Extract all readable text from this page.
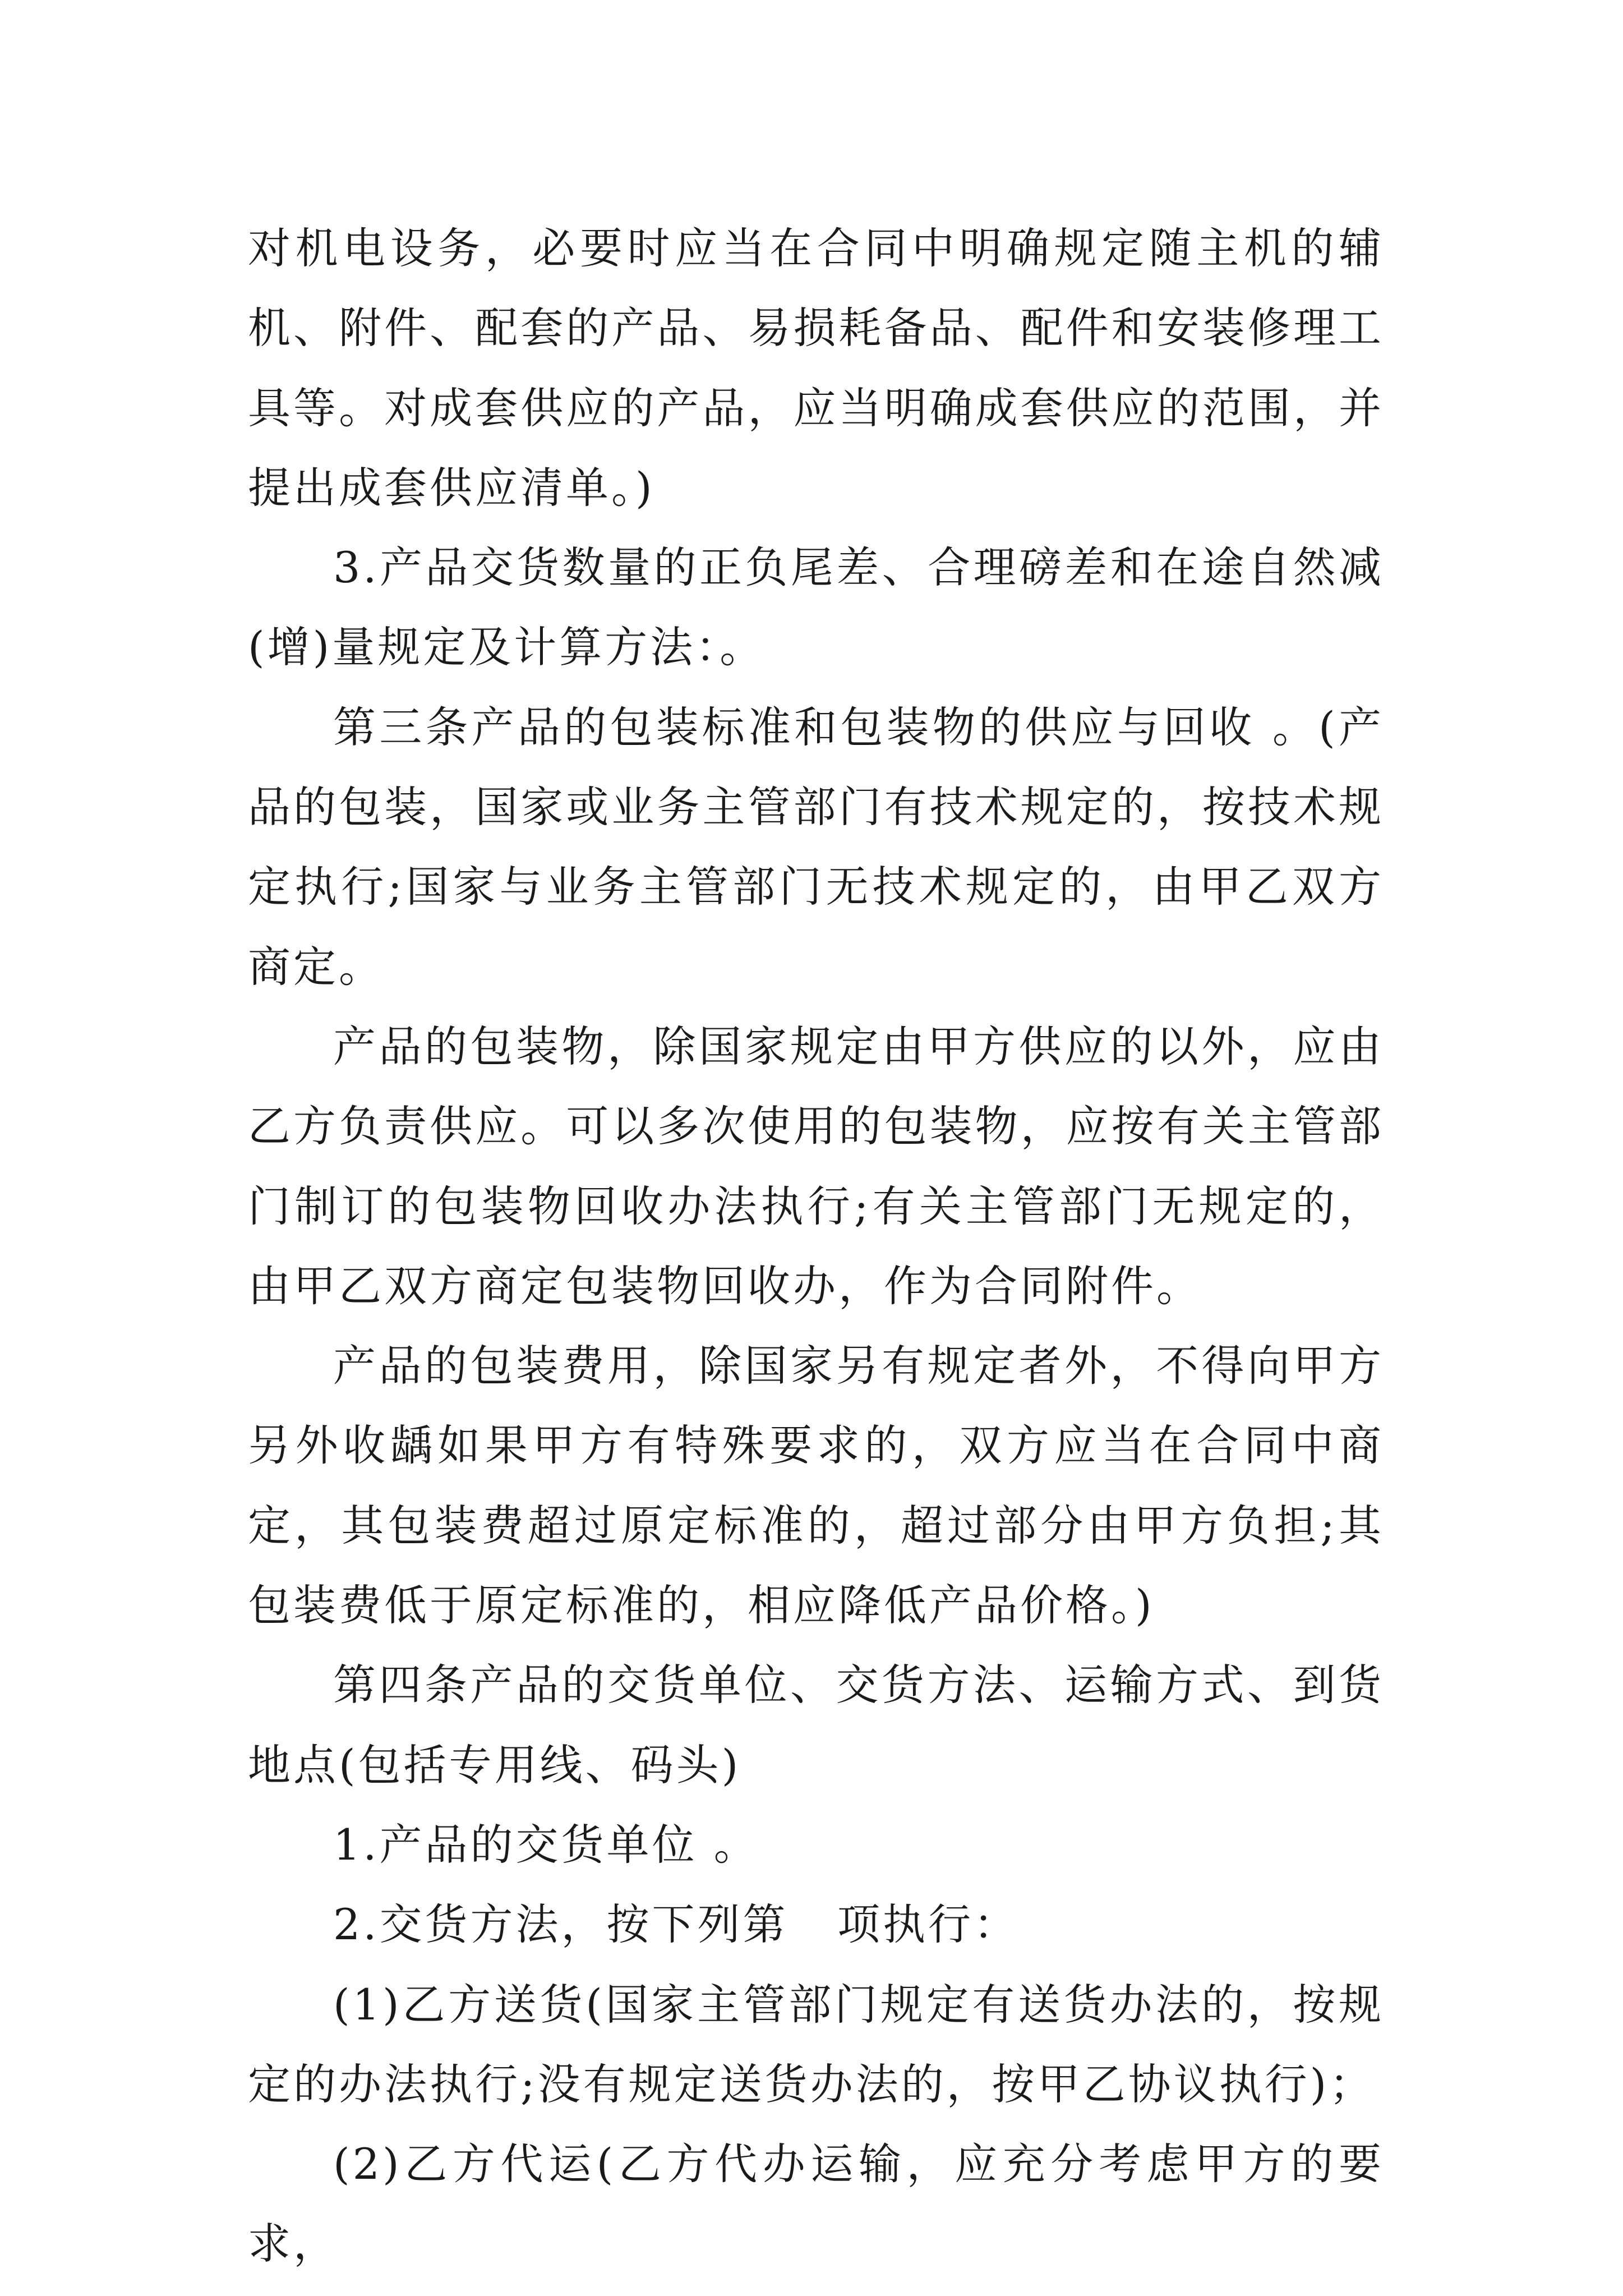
对机电设务，必要时应当在合同中明确规定随主机的辅机、附件、配套的产品、易损耗备品、配件和安装修理工具等。对成套供应的产品，应当明确成套供应的范围，并提出成套供应清单。)

3.产品交货数量的正负尾差、合理磅差和在途自然减(增)量规定及计算方法：。

第三条产品的包装标准和包装物的供应与回收 。(产品的包装，国家或业务主管部门有技术规定的，按技术规定执行;国家与业务主管部门无技术规定的，由甲乙双方商定。

产品的包装物，除国家规定由甲方供应的以外，应由乙方负责供应。可以多次使用的包装物，应按有关主管部门制订的包装物回收办法执行;有关主管部门无规定的，由甲乙双方商定包装物回收办，作为合同附件。

产品的包装费用，除国家另有规定者外，不得向甲方另外收龋如果甲方有特殊要求的，双方应当在合同中商定，其包装费超过原定标准的，超过部分由甲方负担;其包装费低于原定标准的，相应降低产品价格。)

第四条产品的交货单位、交货方法、运输方式、到货地点(包括专用线、码头)

1.产品的交货单位 。

2.交货方法，按下列第   项执行：

(1)乙方送货(国家主管部门规定有送货办法的，按规定的办法执行;没有规定送货办法的，按甲乙协议执行)；

(2)乙方代运(乙方代办运输，应充分考虑甲方的要求，
